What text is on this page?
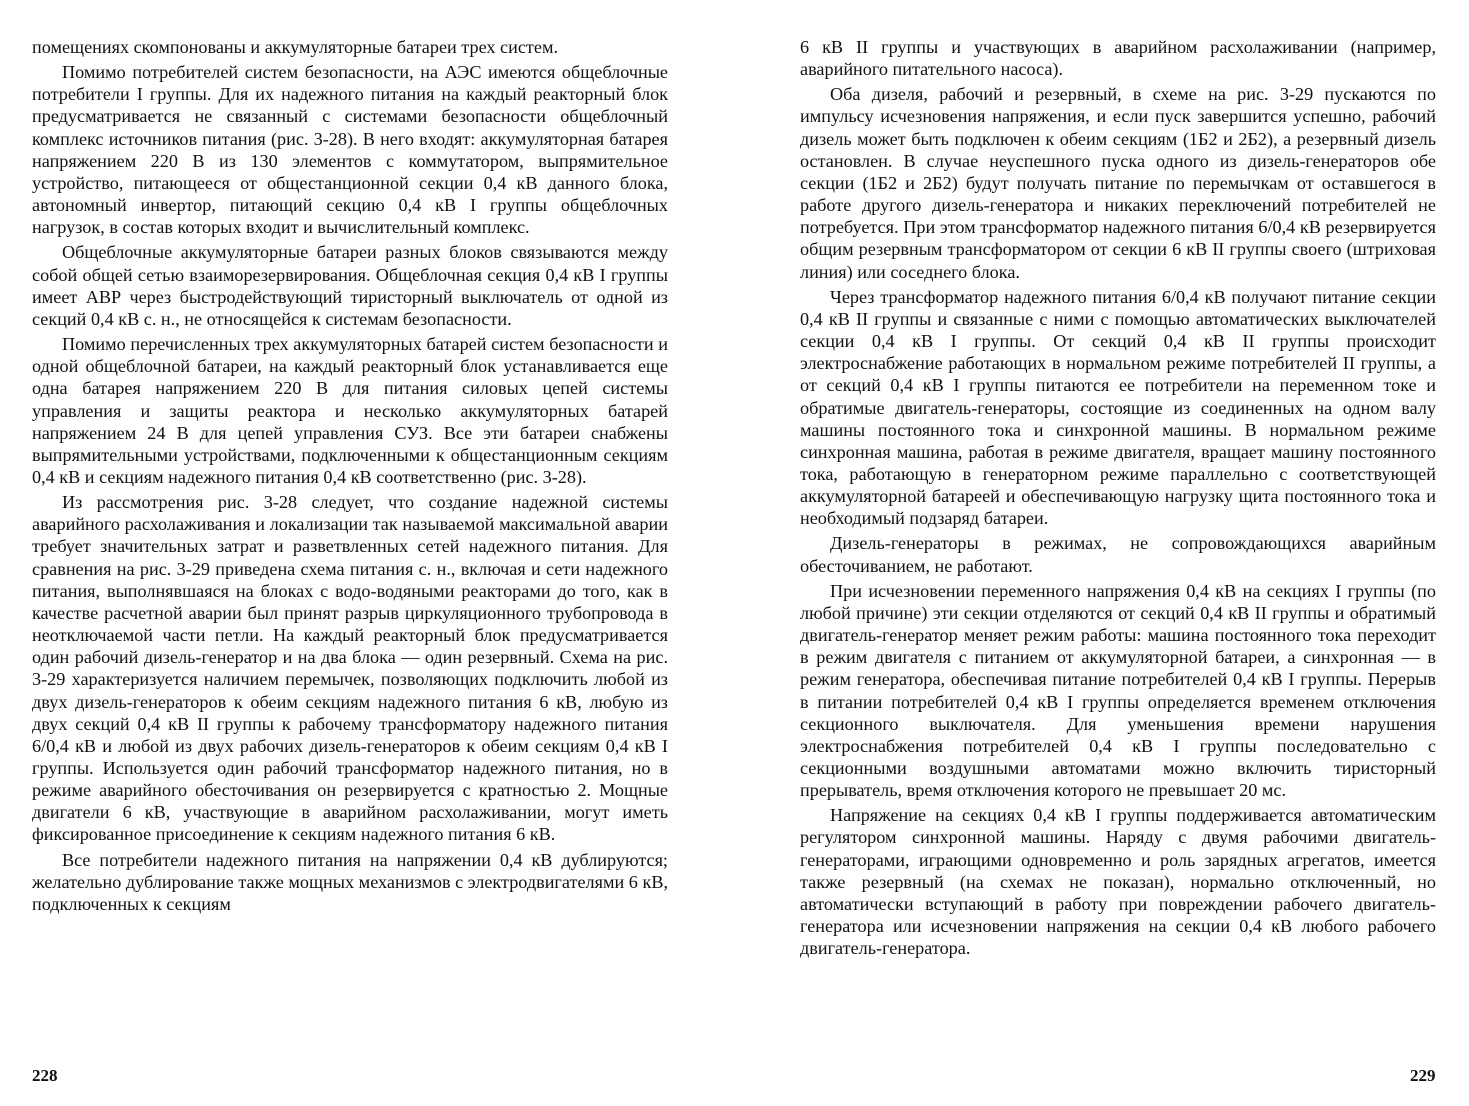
помещениях скомпонованы и аккумуляторные батареи трех систем.

Помимо потребителей систем безопасности, на АЭС имеются общеблочные потребители I группы. Для их надежного питания на каждый реакторный блок предусматривается не связанный с системами безопасности общеблочный комплекс источников питания (рис. 3-28). В него входят: аккумуляторная батарея напряжением 220 В из 130 элементов с коммутатором, выпрямительное устройство, питающееся от общестанционной секции 0,4 кВ данного блока, автономный инвертор, питающий секцию 0,4 кВ I группы общеблочных нагрузок, в состав которых входит и вычислительный комплекс.

Общеблочные аккумуляторные батареи разных блоков связываются между собой общей сетью взаиморезервирования. Общеблочная секция 0,4 кВ I группы имеет АВР через быстродействующий тиристорный выключатель от одной из секций 0,4 кВ с. н., не относящейся к системам безопасности.

Помимо перечисленных трех аккумуляторных батарей систем безопасности и одной общеблочной батареи, на каждый реакторный блок устанавливается еще одна батарея напряжением 220 В для питания силовых цепей системы управления и защиты реактора и несколько аккумуляторных батарей напряжением 24 В для цепей управления СУЗ. Все эти батареи снабжены выпрямительными устройствами, подключенными к общестанционным секциям 0,4 кВ и секциям надежного питания 0,4 кВ соответственно (рис. 3-28).

Из рассмотрения рис. 3-28 следует, что создание надежной системы аварийного расхолаживания и локализации так называемой максимальной аварии требует значительных затрат и разветвленных сетей надежного питания. Для сравнения на рис. 3-29 приведена схема питания с. н., включая и сети надежного питания, выполнявшаяся на блоках с водо-водяными реакторами до того, как в качестве расчетной аварии был принят разрыв циркуляционного трубопровода в неотключаемой части петли. На каждый реакторный блок предусматривается один рабочий дизель-генератор и на два блока — один резервный. Схема на рис. 3-29 характеризуется наличием перемычек, позволяющих подключить любой из двух дизель-генераторов к обеим секциям надежного питания 6 кВ, любую из двух секций 0,4 кВ II группы к рабочему трансформатору надежного питания 6/0,4 кВ и любой из двух рабочих дизель-генераторов к обеим секциям 0,4 кВ I группы. Используется один рабочий трансформатор надежного питания, но в режиме аварийного обесточивания он резервируется с кратностью 2. Мощные двигатели 6 кВ, участвующие в аварийном расхолаживании, могут иметь фиксированное присоединение к секциям надежного питания 6 кВ.

Все потребители надежного питания на напряжении 0,4 кВ дублируются; желательно дублирование также мощных механизмов с электродвигателями 6 кВ, подключенных к секциям

228

6 кВ II группы и участвующих в аварийном расхолаживании (например, аварийного питательного насоса).

Оба дизеля, рабочий и резервный, в схеме на рис. 3-29 пускаются по импульсу исчезновения напряжения, и если пуск завершится успешно, рабочий дизель может быть подключен к обеим секциям (1Б2 и 2Б2), а резервный дизель остановлен. В случае неуспешного пуска одного из дизель-генераторов обе секции (1Б2 и 2Б2) будут получать питание по перемычкам от оставшегося в работе другого дизель-генератора и никаких переключений потребителей не потребуется. При этом трансформатор надежного питания 6/0,4 кВ резервируется общим резервным трансформатором от секции 6 кВ II группы своего (штриховая линия) или соседнего блока.

Через трансформатор надежного питания 6/0,4 кВ получают питание секции 0,4 кВ II группы и связанные с ними с помощью автоматических выключателей секции 0,4 кВ I группы. От секций 0,4 кВ II группы происходит электроснабжение работающих в нормальном режиме потребителей II группы, а от секций 0,4 кВ I группы питаются ее потребители на переменном токе и обратимые двигатель-генераторы, состоящие из соединенных на одном валу машины постоянного тока и синхронной машины. В нормальном режиме синхронная машина, работая в режиме двигателя, вращает машину постоянного тока, работающую в генераторном режиме параллельно с соответствующей аккумуляторной батареей и обеспечивающую нагрузку щита постоянного тока и необходимый подзаряд батареи.

Дизель-генераторы в режимах, не сопровождающихся аварийным обесточиванием, не работают.

При исчезновении переменного напряжения 0,4 кВ на секциях I группы (по любой причине) эти секции отделяются от секций 0,4 кВ II группы и обратимый двигатель-генератор меняет режим работы: машина постоянного тока переходит в режим двигателя с питанием от аккумуляторной батареи, а синхронная — в режим генератора, обеспечивая питание потребителей 0,4 кВ I группы. Перерыв в питании потребителей 0,4 кВ I группы определяется временем отключения секционного выключателя. Для уменьшения времени нарушения электроснабжения потребителей 0,4 кВ I группы последовательно с секционными воздушными автоматами можно включить тиристорный прерыватель, время отключения которого не превышает 20 мс.

Напряжение на секциях 0,4 кВ I группы поддерживается автоматическим регулятором синхронной машины. Наряду с двумя рабочими двигатель-генераторами, играющими одновременно и роль зарядных агрегатов, имеется также резервный (на схемах не показан), нормально отключенный, но автоматически вступающий в работу при повреждении рабочего двигатель-генератора или исчезновении напряжения на секции 0,4 кВ любого рабочего двигатель-генератора.

229
